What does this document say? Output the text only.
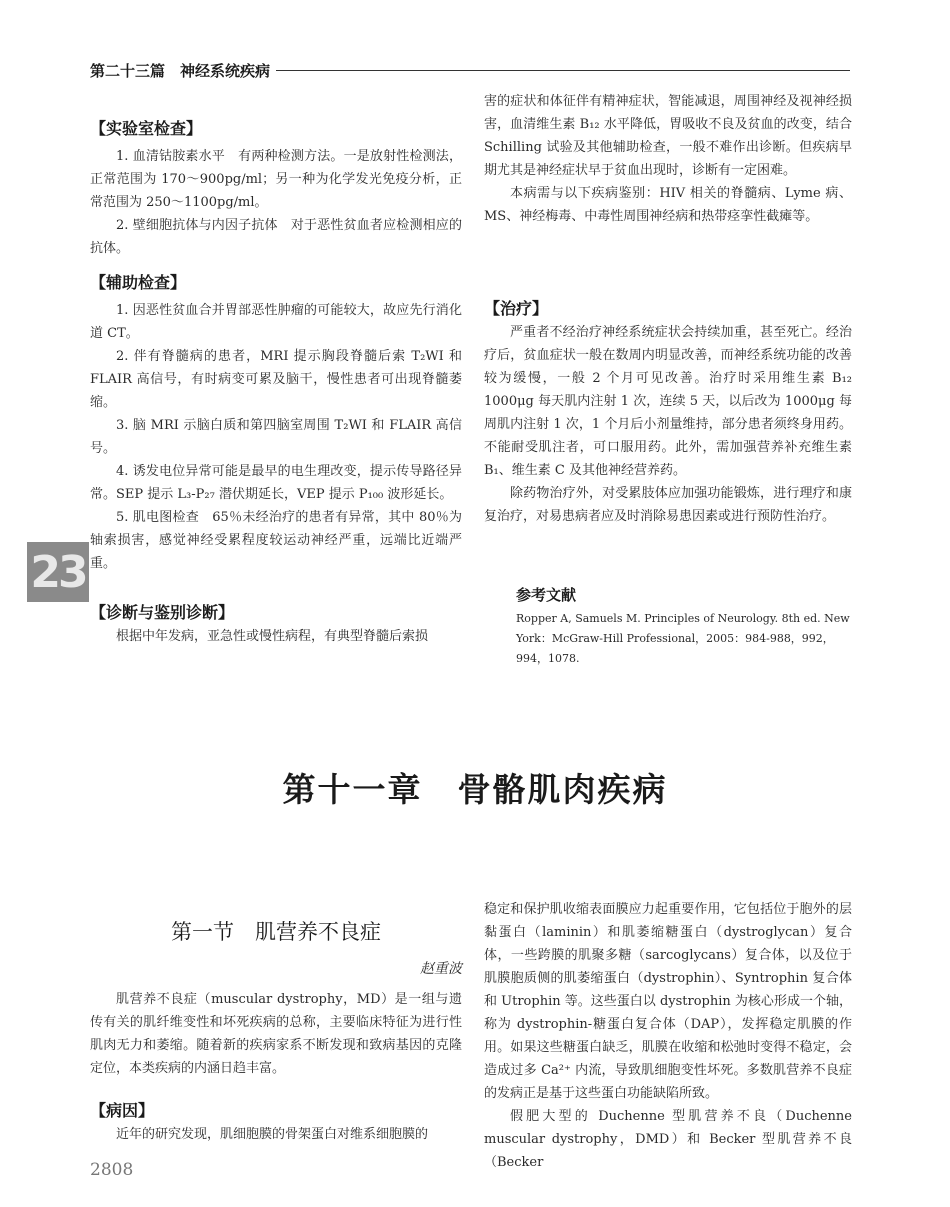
第二十三篇　神经系统疾病
23

【实验室检查】

1. 血清钴胺素水平　有两种检测方法。一是放射性检测法，正常范围为 170～900pg/ml；另一种为化学发光免疫分析，正常范围为 250～1100pg/ml。

2. 壁细胞抗体与内因子抗体　对于恶性贫血者应检测相应的抗体。

【辅助检查】

1. 因恶性贫血合并胃部恶性肿瘤的可能较大，故应先行消化道 CT。

2. 伴有脊髓病的患者，MRI 提示胸段脊髓后索 T₂WI 和 FLAIR 高信号，有时病变可累及脑干，慢性患者可出现脊髓萎缩。

3. 脑 MRI 示脑白质和第四脑室周围 T₂WI 和 FLAIR 高信号。

4. 诱发电位异常可能是最早的电生理改变，提示传导路径异常。SEP 提示 L₃-P₂₇ 潜伏期延长，VEP 提示 P₁₀₀ 波形延长。

5. 肌电图检查　65％未经治疗的患者有异常，其中 80％为轴索损害，感觉神经受累程度较运动神经严重，远端比近端严重。

【诊断与鉴别诊断】

根据中年发病，亚急性或慢性病程，有典型脊髓后索损

害的症状和体征伴有精神症状，智能减退，周围神经及视神经损害，血清维生素 B₁₂ 水平降低，胃吸收不良及贫血的改变，结合 Schilling 试验及其他辅助检查，一般不难作出诊断。但疾病早期尤其是神经症状早于贫血出现时，诊断有一定困难。

本病需与以下疾病鉴别：HIV 相关的脊髓病、Lyme 病、MS、神经梅毒、中毒性周围神经病和热带痉挛性截瘫等。

【治疗】

严重者不经治疗神经系统症状会持续加重，甚至死亡。经治疗后，贫血症状一般在数周内明显改善，而神经系统功能的改善较为缓慢，一般 2 个月可见改善。治疗时采用维生素 B₁₂ 1000μg 每天肌内注射 1 次，连续 5 天，以后改为 1000μg 每周肌内注射 1 次，1 个月后小剂量维持，部分患者须终身用药。不能耐受肌注者，可口服用药。此外，需加强营养补充维生素 B₁、维生素 C 及其他神经营养药。

除药物治疗外，对受累肢体应加强功能锻炼，进行理疗和康复治疗，对易患病者应及时消除易患因素或进行预防性治疗。

参考文献

Ropper A, Samuels M. Principles of Neurology. 8th ed. New York：McGraw-Hill Professional，2005：984-988，992，994，1078.

第十一章　骨骼肌肉疾病
第一节　肌营养不良症
赵重波

肌营养不良症（muscular dystrophy，MD）是一组与遗传有关的肌纤维变性和坏死疾病的总称，主要临床特征为进行性肌肉无力和萎缩。随着新的疾病家系不断发现和致病基因的克隆定位，本类疾病的内涵日趋丰富。

【病因】

近年的研究发现，肌细胞膜的骨架蛋白对维系细胞膜的

稳定和保护肌收缩表面膜应力起重要作用，它包括位于胞外的层黏蛋白（laminin）和肌萎缩糖蛋白（dystroglycan）复合体，一些跨膜的肌聚多糖（sarcoglycans）复合体，以及位于肌膜胞质侧的肌萎缩蛋白（dystrophin）、Syntrophin 复合体和 Utrophin 等。这些蛋白以 dystrophin 为核心形成一个轴，称为 dystrophin-糖蛋白复合体（DAP），发挥稳定肌膜的作用。如果这些糖蛋白缺乏，肌膜在收缩和松弛时变得不稳定，会造成过多 Ca²⁺ 内流，导致肌细胞变性坏死。多数肌营养不良症的发病正是基于这些蛋白功能缺陷所致。

假肥大型的 Duchenne 型肌营养不良（Duchenne muscular dystrophy，DMD）和 Becker 型肌营养不良（Becker

2808
